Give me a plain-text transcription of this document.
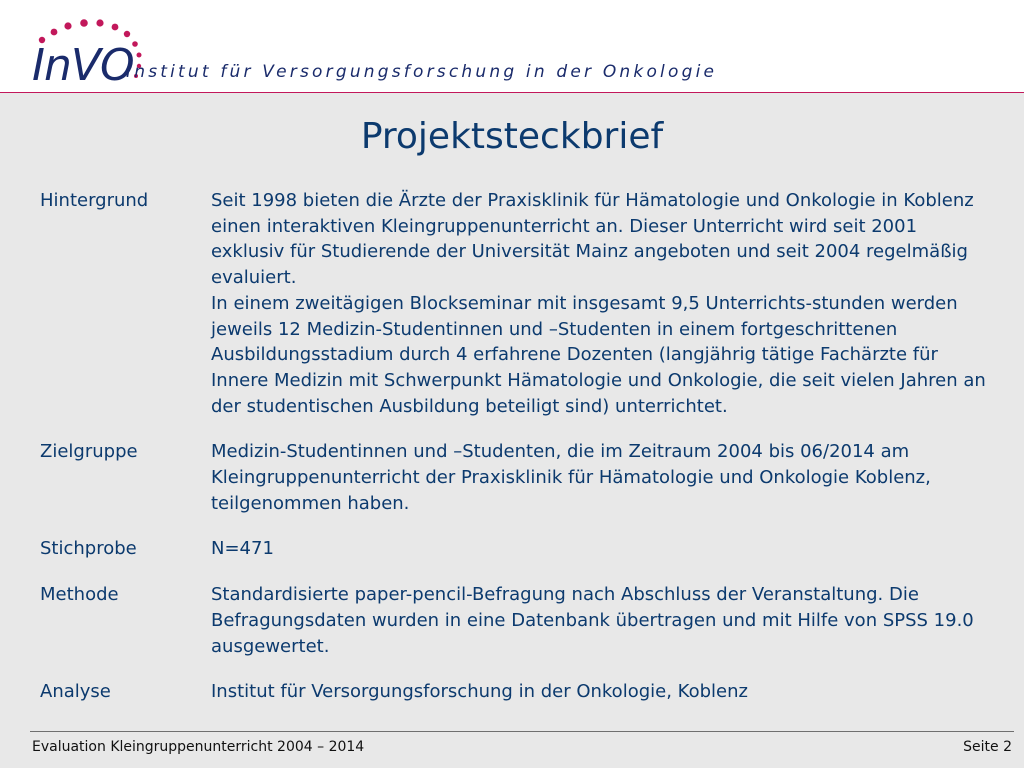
InVO
Institut für Versorgungsforschung in der Onkologie
Projektsteckbrief
Hintergrund	Seit 1998 bieten die Ärzte der Praxisklinik für Hämatologie und Onkologie in Koblenz einen interaktiven Kleingruppenunterricht an. Dieser Unterricht wird seit 2001 exklusiv für Studierende der Universität Mainz angeboten und seit 2004 regelmäßig evaluiert.

In einem zweitägigen Blockseminar mit insgesamt 9,5 Unterrichts-stunden werden jeweils 12 Medizin-Studentinnen und –Studenten in einem fortgeschrittenen Ausbildungsstadium durch 4 erfahrene Dozenten (langjährig tätige Fachärzte für Innere Medizin mit Schwerpunkt Hämatologie und Onkologie, die seit vielen Jahren an der studentischen Ausbildung beteiligt sind) unterrichtet.

Zielgruppe	Medizin-Studentinnen und –Studenten, die im Zeitraum 2004 bis 06/2014 am Kleingruppenunterricht der Praxisklinik für Hämatologie und Onkologie Koblenz, teilgenommen haben.

Stichprobe	N=471

Methode	Standardisierte paper-pencil-Befragung nach Abschluss der Veranstaltung. Die Befragungsdaten wurden in eine Datenbank übertragen und mit Hilfe von SPSS 19.0 ausgewertet.

Analyse	Institut für Versorgungsforschung in der Onkologie, Koblenz

Evaluation Kleingruppenunterricht 2004 – 2014	Seite 2
